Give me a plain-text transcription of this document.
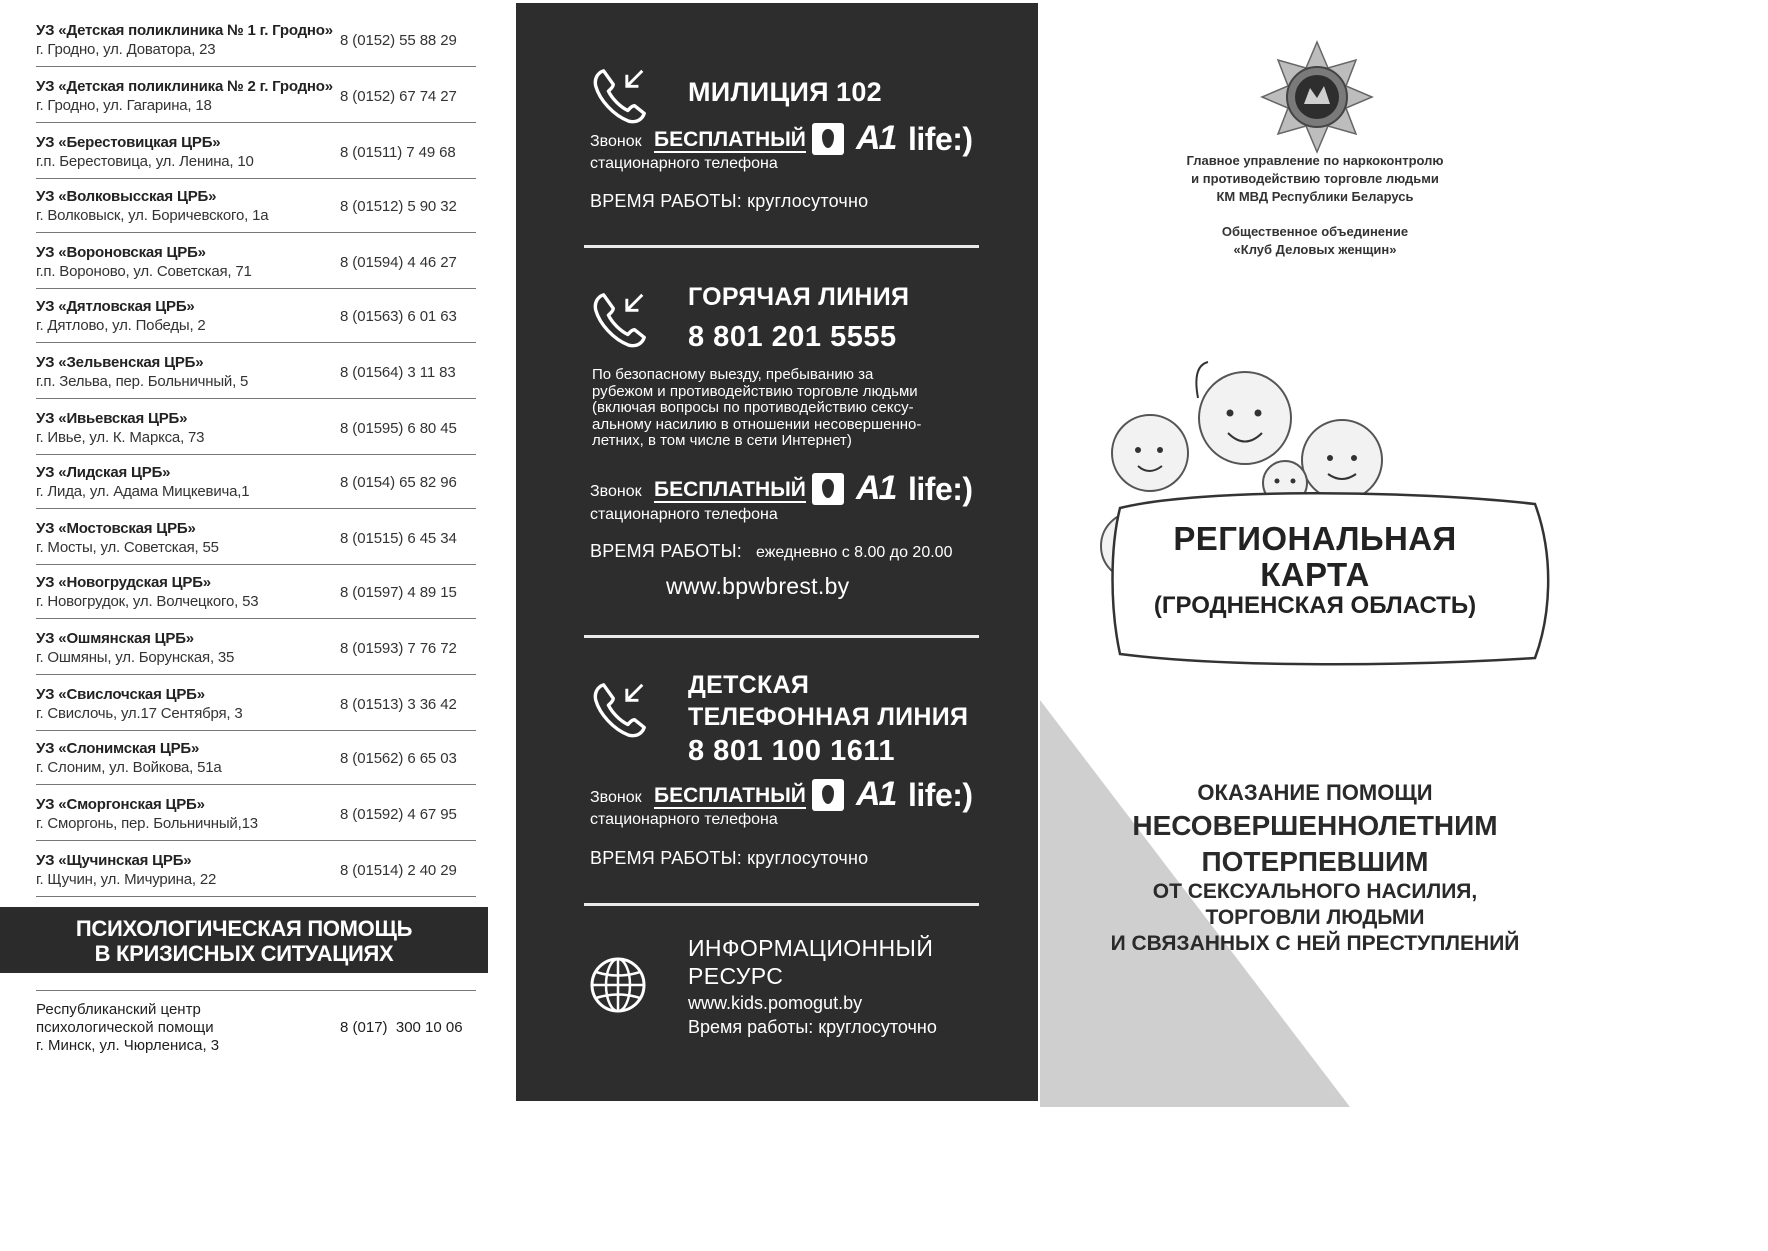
УЗ «Детская поликлиника № 1 г. Гродно»
г. Гродно, ул. Доватора, 23
8 (0152) 55 88 29
УЗ «Детская поликлиника № 2 г. Гродно»
г. Гродно, ул. Гагарина, 18
8 (0152) 67 74 27
УЗ «Берестовицкая ЦРБ»
г.п. Берестовица, ул. Ленина, 10
8 (01511) 7 49 68
УЗ «Волковысская ЦРБ»
г. Волковыск, ул. Боричевского, 1а
8 (01512) 5 90 32
УЗ «Вороновская ЦРБ»
г.п. Вороново, ул. Советская, 71
8 (01594) 4 46 27
УЗ «Дятловская ЦРБ»
г. Дятлово, ул. Победы, 2
8 (01563) 6 01 63
УЗ «Зельвенская ЦРБ»
г.п. Зельва, пер. Больничный, 5
8 (01564) 3 11 83
УЗ «Ивьевская ЦРБ»
г. Ивье, ул. К. Маркса, 73
8 (01595) 6 80 45
УЗ «Лидская ЦРБ»
г. Лида, ул. Адама Мицкевича,1
8 (0154) 65 82 96
УЗ «Мостовская ЦРБ»
г. Мосты, ул. Советская, 55
8 (01515) 6 45 34
УЗ «Новогрудская ЦРБ»
г. Новогрудок, ул. Волчецкого, 53
8 (01597) 4 89 15
УЗ «Ошмянская ЦРБ»
г. Ошмяны, ул. Борунская, 35
8 (01593) 7 76 72
УЗ «Свислочская ЦРБ»
г. Свислочь, ул.17 Сентября, 3
8 (01513) 3 36 42
УЗ «Слонимская ЦРБ»
г. Слоним, ул. Войкова, 51а
8 (01562) 6 65 03
УЗ «Сморгонская ЦРБ»
г. Сморгонь, пер. Больничный,13
8 (01592) 4 67 95
УЗ «Щучинская ЦРБ»
г. Щучин, ул. Мичурина, 22
8 (01514) 2 40 29
ПСИХОЛОГИЧЕСКАЯ ПОМОЩЬ
В КРИЗИСНЫХ СИТУАЦИЯХ
Республиканский центр
психологической помощи
г. Минск, ул. Чюрлениса, 3
8 (017)  300 10 06
МИЛИЦИЯ 102
Звонок БЕСПЛАТНЫЙ A1 life:)
стационарного телефона
ВРЕМЯ РАБОТЫ: круглосуточно
ГОРЯЧАЯ ЛИНИЯ
8 801 201 5555
По безопасному выезду, пребыванию за
рубежом и противодействию торговле людьми
(включая вопросы по противодействию сексу-
альному насилию в отношении несовершенно-
летних, в том числе в сети Интернет)
Звонок БЕСПЛАТНЫЙ A1 life:)
стационарного телефона
ВРЕМЯ РАБОТЫ: ежедневно с 8.00 до 20.00
www.bpwbrest.by
ДЕТСКАЯ
ТЕЛЕФОННАЯ ЛИНИЯ
8 801 100 1611
Звонок БЕСПЛАТНЫЙ A1 life:)
стационарного телефона
ВРЕМЯ РАБОТЫ: круглосуточно
ИНФОРМАЦИОННЫЙ
РЕСУРС
www.kids.pomogut.by
Время работы: круглосуточно
Главное управление по наркоконтролю
и противодействию торговле людьми
КМ МВД Республики Беларусь
Общественное объединение
«Клуб Деловых женщин»
РЕГИОНАЛЬНАЯ
КАРТА
(ГРОДНЕНСКАЯ ОБЛАСТЬ)
ОКАЗАНИЕ ПОМОЩИ
НЕСОВЕРШЕННОЛЕТНИМ
ПОТЕРПЕВШИМ
ОТ СЕКСУАЛЬНОГО НАСИЛИЯ,
ТОРГОВЛИ ЛЮДЬМИ
И СВЯЗАННЫХ С НЕЙ ПРЕСТУПЛЕНИЙ
